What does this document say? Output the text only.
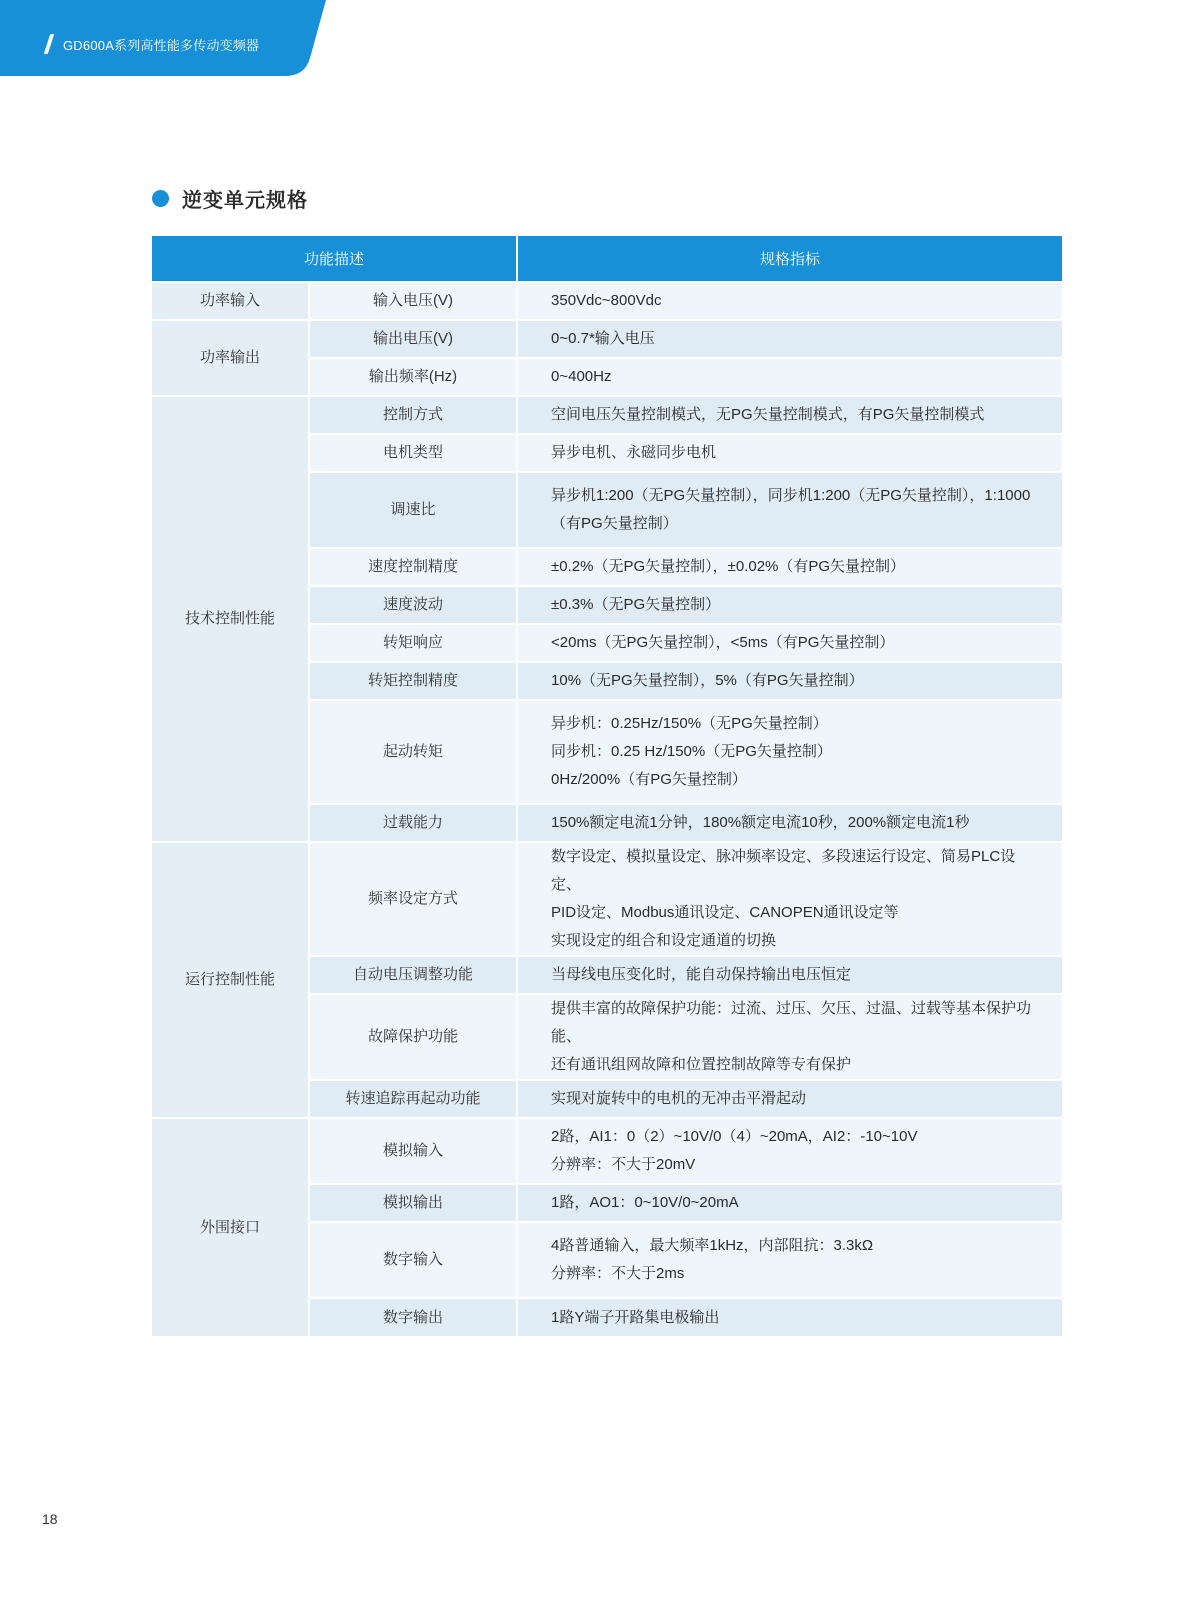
GD600A系列高性能多传动变频器
逆变单元规格
功能描述		规格指标
功率输入	输入电压(V)	350Vdc~800Vdc

功率输出	输出电压(V)	0~0.7*输入电压

	输出频率(Hz)	0~400Hz

技术控制性能	控制方式	空间电压矢量控制模式，无PG矢量控制模式，有PG矢量控制模式

	电机类型	异步电机、永磁同步电机

	调速比	异步机1:200（无PG矢量控制），同步机1:200（无PG矢量控制），1:1000
（有PG矢量控制）

	速度控制精度	±0.2%（无PG矢量控制），±0.02%（有PG矢量控制）

	速度波动	±0.3%（无PG矢量控制）

	转矩响应	<20ms（无PG矢量控制），<5ms（有PG矢量控制）

	转矩控制精度	10%（无PG矢量控制），5%（有PG矢量控制）

	起动转矩	异步机：0.25Hz/150%（无PG矢量控制）
同步机：0.25 Hz/150%（无PG矢量控制）
0Hz/200%（有PG矢量控制）

	过载能力	150%额定电流1分钟，180%额定电流10秒，200%额定电流1秒

运行控制性能	频率设定方式	数字设定、模拟量设定、脉冲频率设定、多段速运行设定、简易PLC设定、
PID设定、Modbus通讯设定、CANOPEN通讯设定等
实现设定的组合和设定通道的切换

	自动电压调整功能	当母线电压变化时，能自动保持输出电压恒定

	故障保护功能	提供丰富的故障保护功能：过流、过压、欠压、过温、过载等基本保护功能、
还有通讯组网故障和位置控制故障等专有保护

	转速追踪再起动功能	实现对旋转中的电机的无冲击平滑起动

外围接口	模拟输入	2路，AI1：0（2）~10V/0（4）~20mA，AI2：-10~10V
分辨率：不大于20mV

	模拟输出	1路，AO1：0~10V/0~20mA

	数字输入	4路普通输入，最大频率1kHz，内部阻抗：3.3kΩ
分辨率：不大于2ms

	数字输出	1路Y端子开路集电极输出
18
